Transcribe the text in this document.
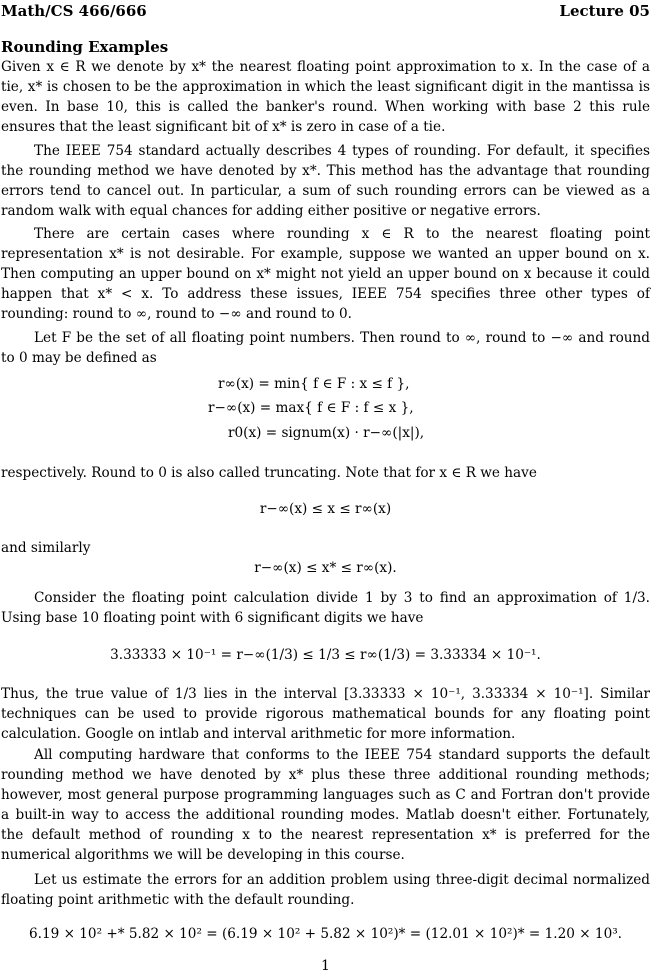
Math/CS 466/666	Lecture 05
Rounding Examples
Given x ∈ R we denote by x* the nearest floating point approximation to x. In the case of a tie, x* is chosen to be the approximation in which the least significant digit in the mantissa is even. In base 10, this is called the banker's round. When working with base 2 this rule ensures that the least significant bit of x* is zero in case of a tie.
The IEEE 754 standard actually describes 4 types of rounding. For default, it specifies the rounding method we have denoted by x*. This method has the advantage that rounding errors tend to cancel out. In particular, a sum of such rounding errors can be viewed as a random walk with equal chances for adding either positive or negative errors.
There are certain cases where rounding x ∈ R to the nearest floating point representation x* is not desirable. For example, suppose we wanted an upper bound on x. Then computing an upper bound on x* might not yield an upper bound on x because it could happen that x* < x. To address these issues, IEEE 754 specifies three other types of rounding: round to ∞, round to −∞ and round to 0.
Let F be the set of all floating point numbers. Then round to ∞, round to −∞ and round to 0 may be defined as
r∞(x) = min{ f ∈ F : x ≤ f },
r−∞(x) = max{ f ∈ F : f ≤ x },
r0(x) = signum(x) · r−∞(|x|),
respectively. Round to 0 is also called truncating. Note that for x ∈ R we have
r−∞(x) ≤ x ≤ r∞(x)
and similarly
r−∞(x) ≤ x* ≤ r∞(x).
Consider the floating point calculation divide 1 by 3 to find an approximation of 1/3. Using base 10 floating point with 6 significant digits we have
3.33333 × 10⁻¹ = r−∞(1/3) ≤ 1/3 ≤ r∞(1/3) = 3.33334 × 10⁻¹.
Thus, the true value of 1/3 lies in the interval [3.33333 × 10⁻¹, 3.33334 × 10⁻¹]. Similar techniques can be used to provide rigorous mathematical bounds for any floating point calculation. Google on intlab and interval arithmetic for more information.
All computing hardware that conforms to the IEEE 754 standard supports the default rounding method we have denoted by x* plus these three additional rounding methods; however, most general purpose programming languages such as C and Fortran don't provide a built-in way to access the additional rounding modes. Matlab doesn't either. Fortunately, the default method of rounding x to the nearest representation x* is preferred for the numerical algorithms we will be developing in this course.
Let us estimate the errors for an addition problem using three-digit decimal normalized floating point arithmetic with the default rounding.
6.19 × 10² +* 5.82 × 10² = (6.19 × 10² + 5.82 × 10²)* = (12.01 × 10²)* = 1.20 × 10³.
1
